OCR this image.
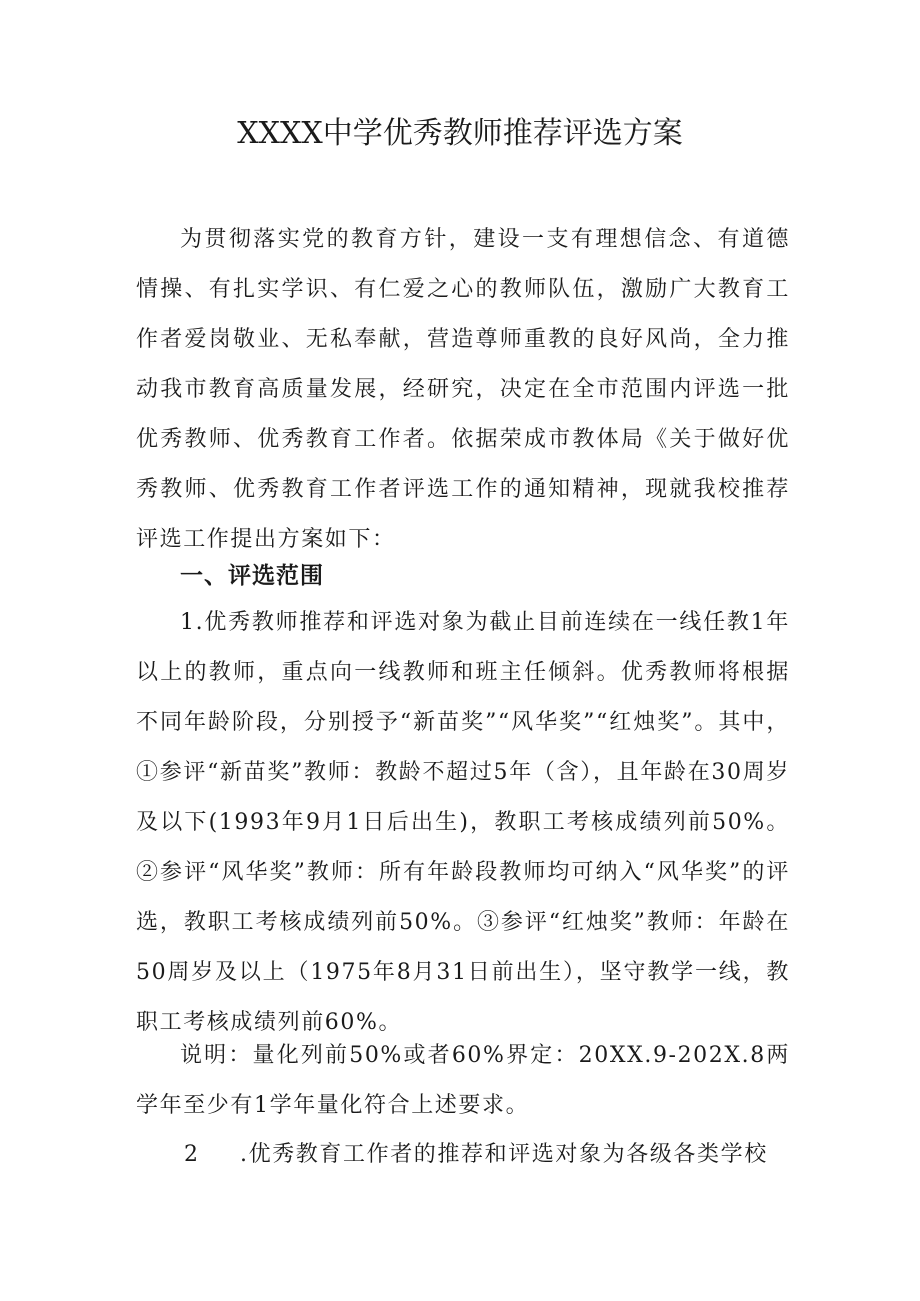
XXXX中学优秀教师推荐评选方案

为贯彻落实党的教育方针，建设一支有理想信念、有道德情操、有扎实学识、有仁爱之心的教师队伍，激励广大教育工作者爱岗敬业、无私奉献，营造尊师重教的良好风尚，全力推动我市教育高质量发展，经研究，决定在全市范围内评选一批优秀教师、优秀教育工作者。依据荣成市教体局《关于做好优秀教师、优秀教育工作者评选工作的通知精神，现就我校推荐评选工作提出方案如下：

一、评选范围

1.优秀教师推荐和评选对象为截止目前连续在一线任教1年以上的教师，重点向一线教师和班主任倾斜。优秀教师将根据不同年龄阶段，分别授予“新苗奖”“风华奖”“红烛奖”。其中，①参评“新苗奖”教师：教龄不超过5年（含），且年龄在30周岁及以下(1993年9月1日后出生)，教职工考核成绩列前50%。②参评“风华奖”教师：所有年龄段教师均可纳入“风华奖”的评选，教职工考核成绩列前50%。③参评“红烛奖”教师：年龄在50周岁及以上（1975年8月31日前出生），坚守教学一线，教职工考核成绩列前60%。

说明：量化列前50%或者60%界定：20XX.9-202X.8两学年至少有1学年量化符合上述要求。

2 .优秀教育工作者的推荐和评选对象为各级各类学校
